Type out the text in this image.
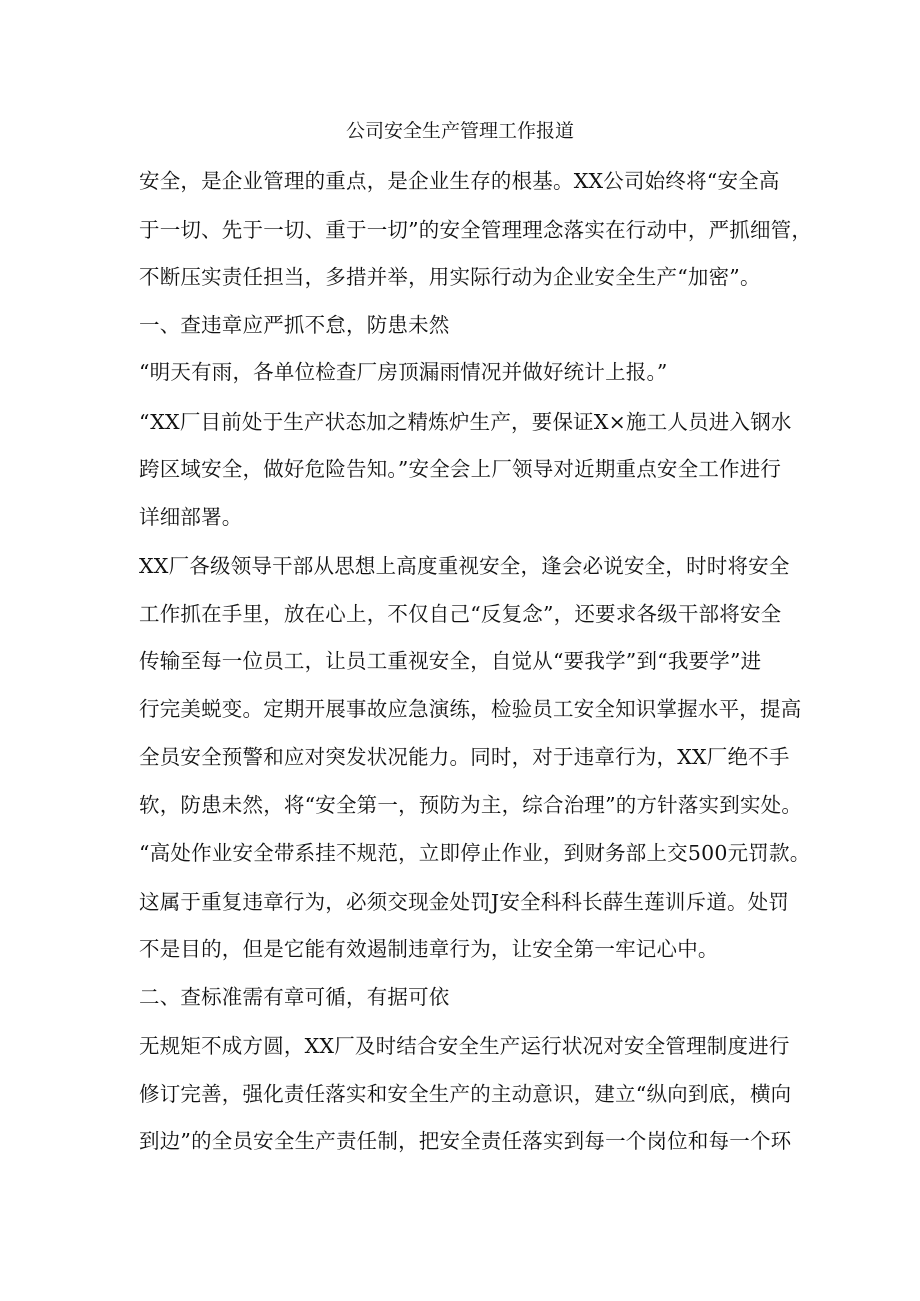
公司安全生产管理工作报道
安全，是企业管理的重点，是企业生存的根基。XX公司始终将“安全高
于一切、先于一切、重于一切”的安全管理理念落实在行动中，严抓细管，
不断压实责任担当，多措并举，用实际行动为企业安全生产“加密”。
一、查违章应严抓不怠，防患未然
“明天有雨，各单位检查厂房顶漏雨情况并做好统计上报。”
“XX厂目前处于生产状态加之精炼炉生产，要保证X×施工人员进入钢水
跨区域安全，做好危险告知。”安全会上厂领导对近期重点安全工作进行
详细部署。
XX厂各级领导干部从思想上高度重视安全，逢会必说安全，时时将安全
工作抓在手里，放在心上，不仅自己“反复念”，还要求各级干部将安全
传输至每一位员工，让员工重视安全，自觉从“要我学”到“我要学”进
行完美蜕变。定期开展事故应急演练，检验员工安全知识掌握水平，提高
全员安全预警和应对突发状况能力。同时，对于违章行为，XX厂绝不手
软，防患未然，将“安全第一，预防为主，综合治理”的方针落实到实处。
“高处作业安全带系挂不规范，立即停止作业，到财务部上交500元罚款。
这属于重复违章行为，必须交现金处罚J安全科科长薛生莲训斥道。处罚
不是目的，但是它能有效遏制违章行为，让安全第一牢记心中。
二、查标准需有章可循，有据可依
无规矩不成方圆，XX厂及时结合安全生产运行状况对安全管理制度进行
修订完善，强化责任落实和安全生产的主动意识，建立“纵向到底，横向
到边”的全员安全生产责任制，把安全责任落实到每一个岗位和每一个环
